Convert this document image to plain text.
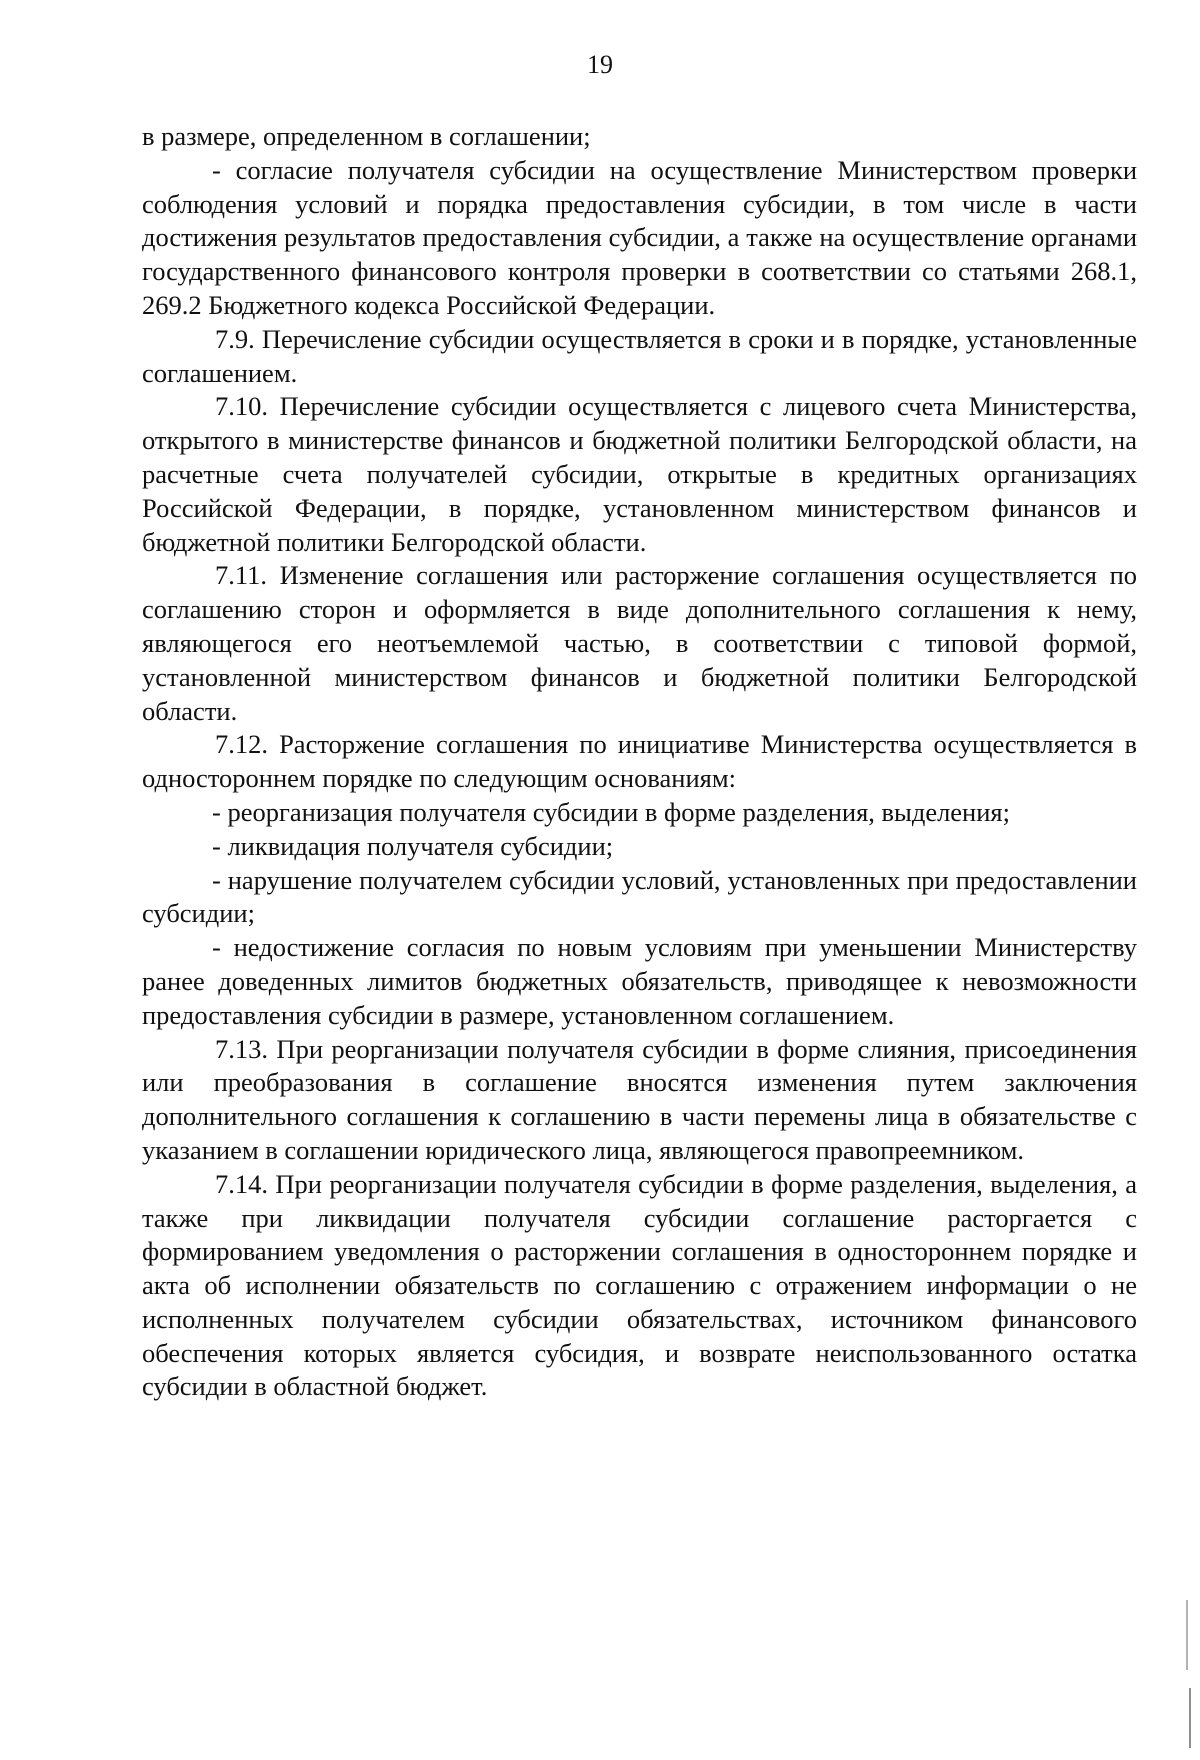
19

в размере, определенном в соглашении;

- согласие получателя субсидии на осуществление Министерством проверки соблюдения условий и порядка предоставления субсидии, в том числе в части достижения результатов предоставления субсидии, а также на осуществление органами государственного финансового контроля проверки в соответствии со статьями 268.1, 269.2 Бюджетного кодекса Российской Федерации.

7.9. Перечисление субсидии осуществляется в сроки и в порядке, установленные соглашением.

7.10. Перечисление субсидии осуществляется с лицевого счета Министерства, открытого в министерстве финансов и бюджетной политики Белгородской области, на расчетные счета получателей субсидии, открытые в кредитных организациях Российской Федерации, в порядке, установленном министерством финансов и бюджетной политики Белгородской области.

7.11. Изменение соглашения или расторжение соглашения осуществляется по соглашению сторон и оформляется в виде дополнительного соглашения к нему, являющегося его неотъемлемой частью, в соответствии с типовой формой, установленной министерством финансов и бюджетной политики Белгородской области.

7.12. Расторжение соглашения по инициативе Министерства осуществляется в одностороннем порядке по следующим основаниям:

- реорганизация получателя субсидии в форме разделения, выделения;

- ликвидация получателя субсидии;

- нарушение получателем субсидии условий, установленных при предоставлении субсидии;

- недостижение согласия по новым условиям при уменьшении Министерству ранее доведенных лимитов бюджетных обязательств, приводящее к невозможности предоставления субсидии в размере, установленном соглашением.

7.13. При реорганизации получателя субсидии в форме слияния, присоединения или преобразования в соглашение вносятся изменения путем заключения дополнительного соглашения к соглашению в части перемены лица в обязательстве с указанием в соглашении юридического лица, являющегося правопреемником.

7.14. При реорганизации получателя субсидии в форме разделения, выделения, а также при ликвидации получателя субсидии соглашение расторгается с формированием уведомления о расторжении соглашения в одностороннем порядке и акта об исполнении обязательств по соглашению с отражением информации о не исполненных получателем субсидии обязательствах, источником финансового обеспечения которых является субсидия, и возврате неиспользованного остатка субсидии в областной бюджет.
